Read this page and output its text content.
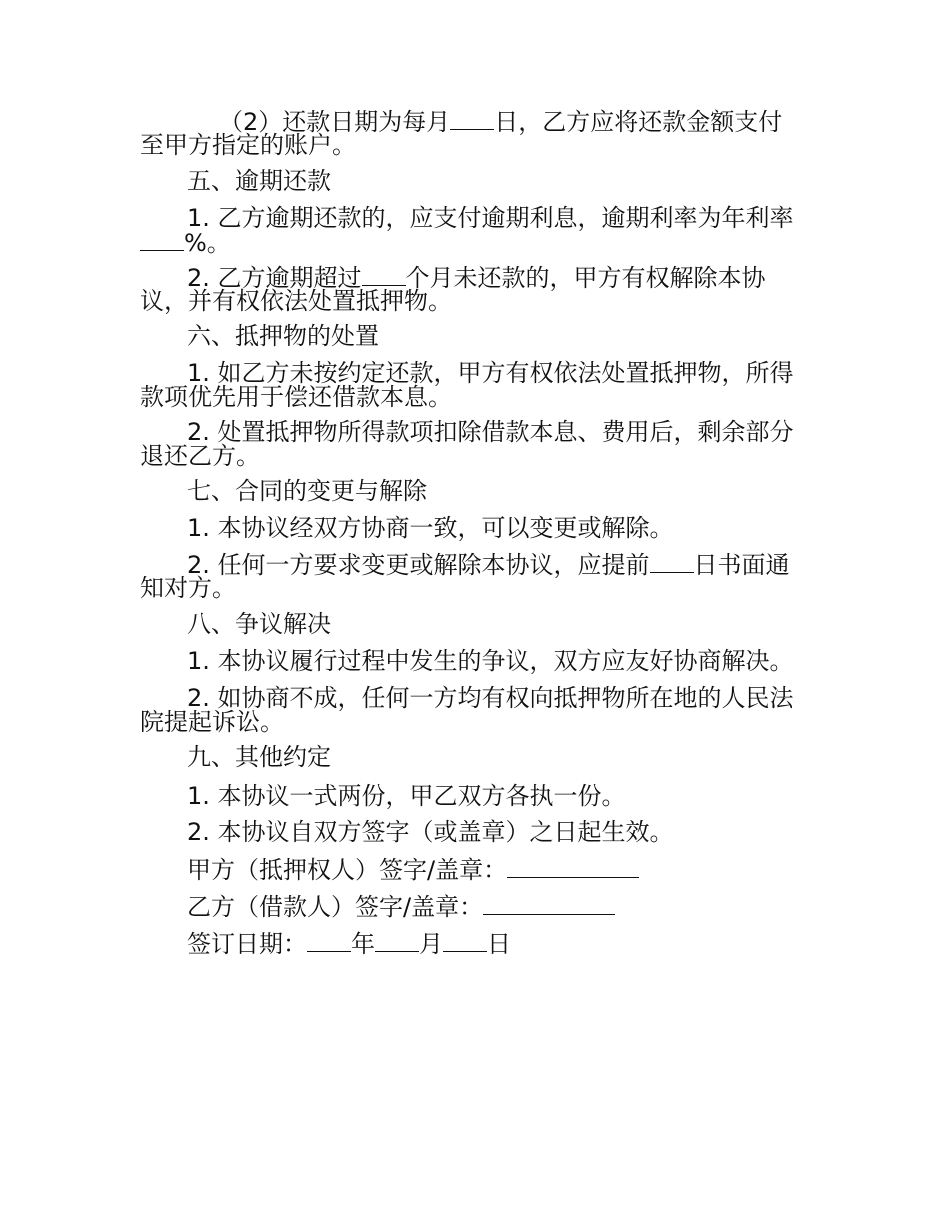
（2）还款日期为每月 日，乙方应将还款金额支付
至甲方指定的账户。
五、逾期还款
1. 乙方逾期还款的，应支付逾期利息，逾期利率为年利率
%。
2. 乙方逾期超过 个月未还款的，甲方有权解除本协
议，并有权依法处置抵押物。
六、抵押物的处置
1. 如乙方未按约定还款，甲方有权依法处置抵押物，所得
款项优先用于偿还借款本息。
2. 处置抵押物所得款项扣除借款本息、费用后，剩余部分
退还乙方。
七、合同的变更与解除
1. 本协议经双方协商一致，可以变更或解除。
2. 任何一方要求变更或解除本协议，应提前 日书面通
知对方。
八、争议解决
1. 本协议履行过程中发生的争议，双方应友好协商解决。
2. 如协商不成，任何一方均有权向抵押物所在地的人民法
院提起诉讼。
九、其他约定
1. 本协议一式两份，甲乙双方各执一份。
2. 本协议自双方签字（或盖章）之日起生效。
甲方（抵押权人）签字/盖章：
乙方（借款人）签字/盖章：
签订日期： 年 月 日
